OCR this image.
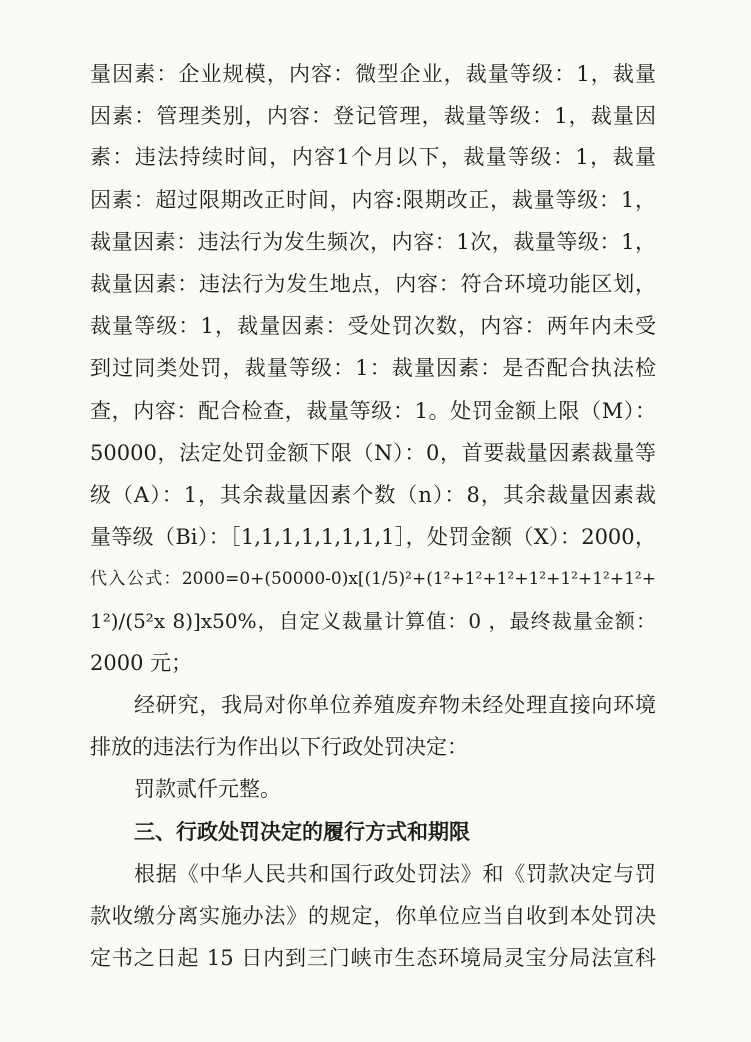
量因素：企业规模，内容：微型企业，裁量等级：1，裁量
因素：管理类别，内容：登记管理，裁量等级：1，裁量因
素：违法持续时间，内容1个月以下，裁量等级：1，裁量
因素：超过限期改正时间，内容:限期改正，裁量等级：1，
裁量因素：违法行为发生频次，内容：1次，裁量等级：1，
裁量因素：违法行为发生地点，内容：符合环境功能区划，
裁量等级：1，裁量因素：受处罚次数，内容：两年内未受
到过同类处罚，裁量等级：1：裁量因素：是否配合执法检
查，内容：配合检查，裁量等级：1。处罚金额上限（M）：
50000，法定处罚金额下限（N）：0，首要裁量因素裁量等
级（A）：1，其余裁量因素个数（n）：8，其余裁量因素裁
量等级（Bi）：［1,1,1,1,1,1,1,1］，处罚金额（X）：2000，
代入公式：2000=0+(50000-0)x[(1/5)²+(1²+1²+1²+1²+1²+1²+1²+
1²)/(5²x 8)]x50%，自定义裁量计算值：0 ，最终裁量金额：
2000 元；
经研究，我局对你单位养殖废弃物未经处理直接向环境
排放的违法行为作出以下行政处罚决定：
罚款贰仟元整。
三、行政处罚决定的履行方式和期限
根据《中华人民共和国行政处罚法》和《罚款决定与罚
款收缴分离实施办法》的规定，你单位应当自收到本处罚决
定书之日起 15 日内到三门峡市生态环境局灵宝分局法宣科
